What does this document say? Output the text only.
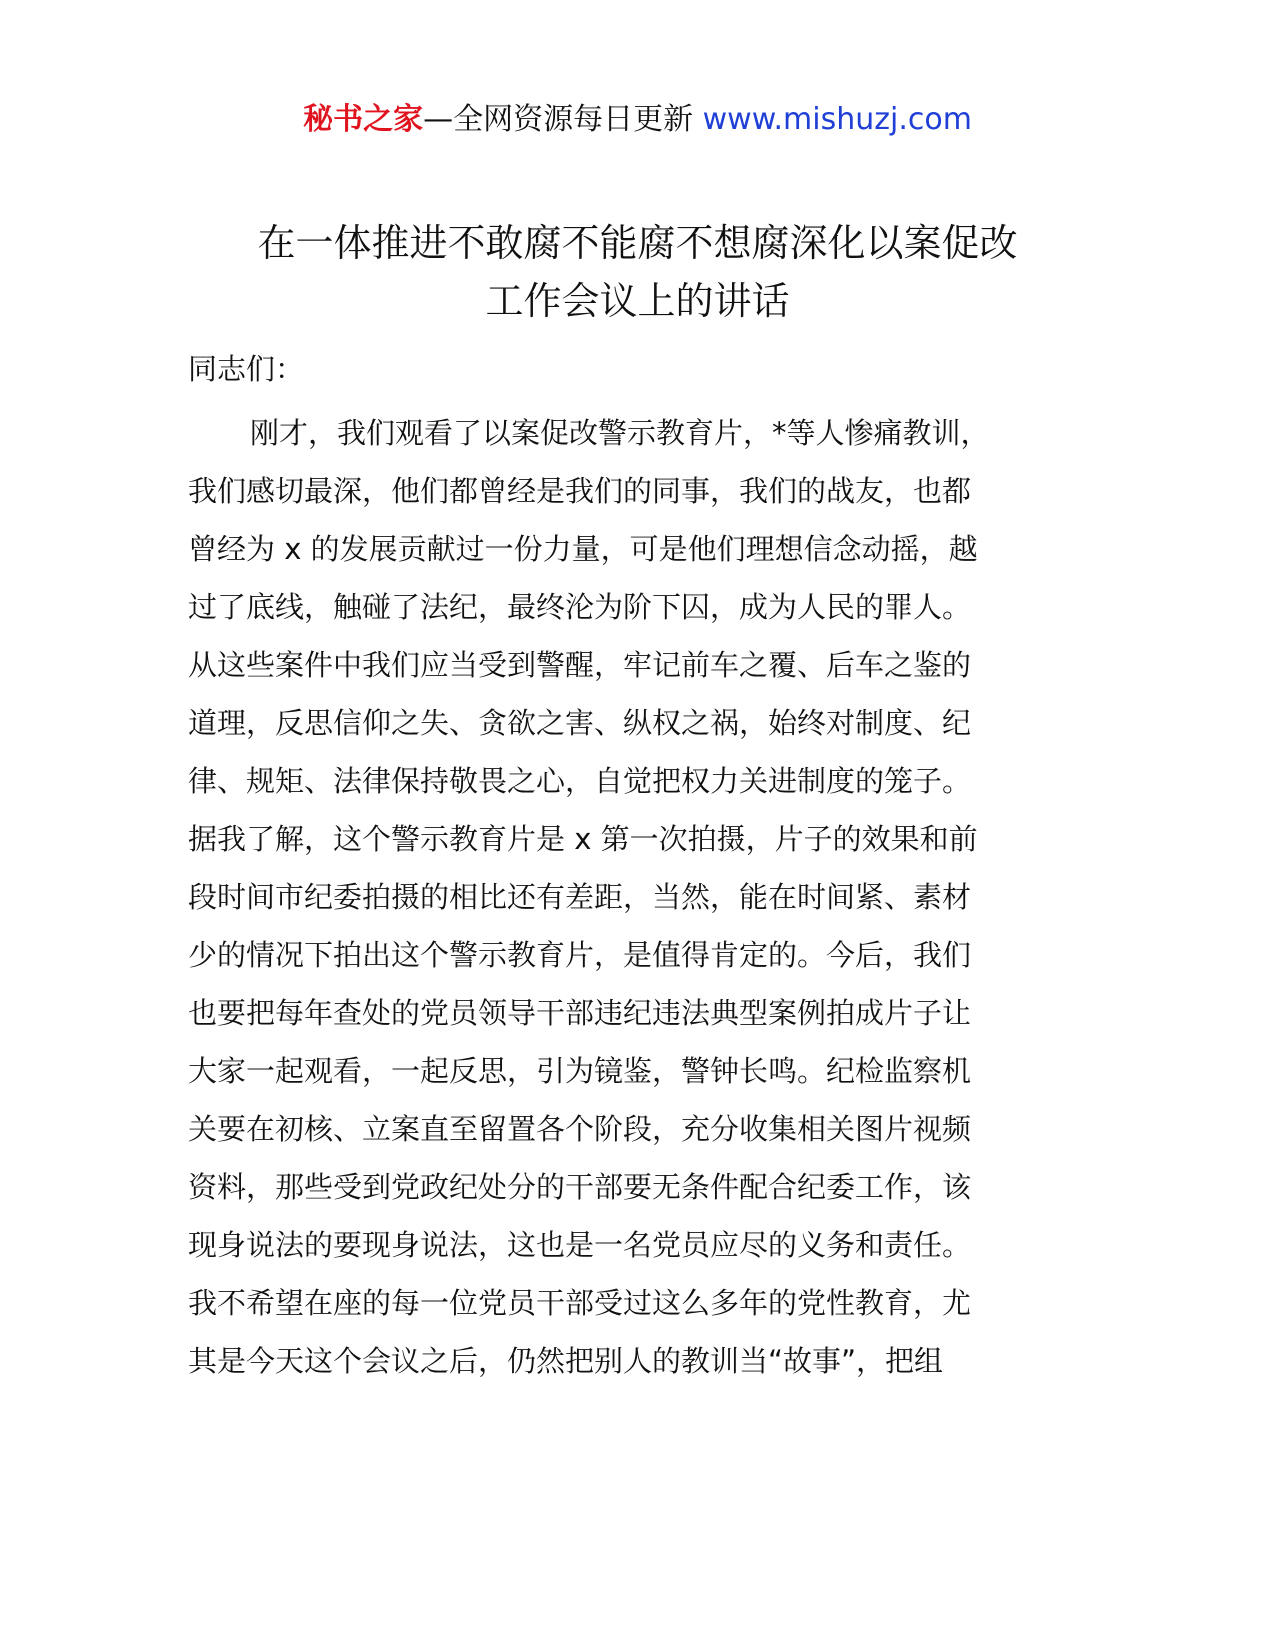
秘书之家—全网资源每日更新 www.mishuzj.com
在一体推进不敢腐不能腐不想腐深化以案促改
工作会议上的讲话

同志们：

刚才，我们观看了以案促改警示教育片，*等人惨痛教训，

我们感切最深，他们都曾经是我们的同事，我们的战友，也都

曾经为 x 的发展贡献过一份力量，可是他们理想信念动摇，越

过了底线，触碰了法纪，最终沦为阶下囚，成为人民的罪人。

从这些案件中我们应当受到警醒，牢记前车之覆、后车之鉴的

道理，反思信仰之失、贪欲之害、纵权之祸，始终对制度、纪

律、规矩、法律保持敬畏之心，自觉把权力关进制度的笼子。

据我了解，这个警示教育片是 x 第一次拍摄，片子的效果和前

段时间市纪委拍摄的相比还有差距，当然，能在时间紧、素材

少的情况下拍出这个警示教育片，是值得肯定的。今后，我们

也要把每年查处的党员领导干部违纪违法典型案例拍成片子让

大家一起观看，一起反思，引为镜鉴，警钟长鸣。纪检监察机

关要在初核、立案直至留置各个阶段，充分收集相关图片视频

资料，那些受到党政纪处分的干部要无条件配合纪委工作，该

现身说法的要现身说法，这也是一名党员应尽的义务和责任。

我不希望在座的每一位党员干部受过这么多年的党性教育，尤

其是今天这个会议之后，仍然把别人的教训当“故事”，把组
